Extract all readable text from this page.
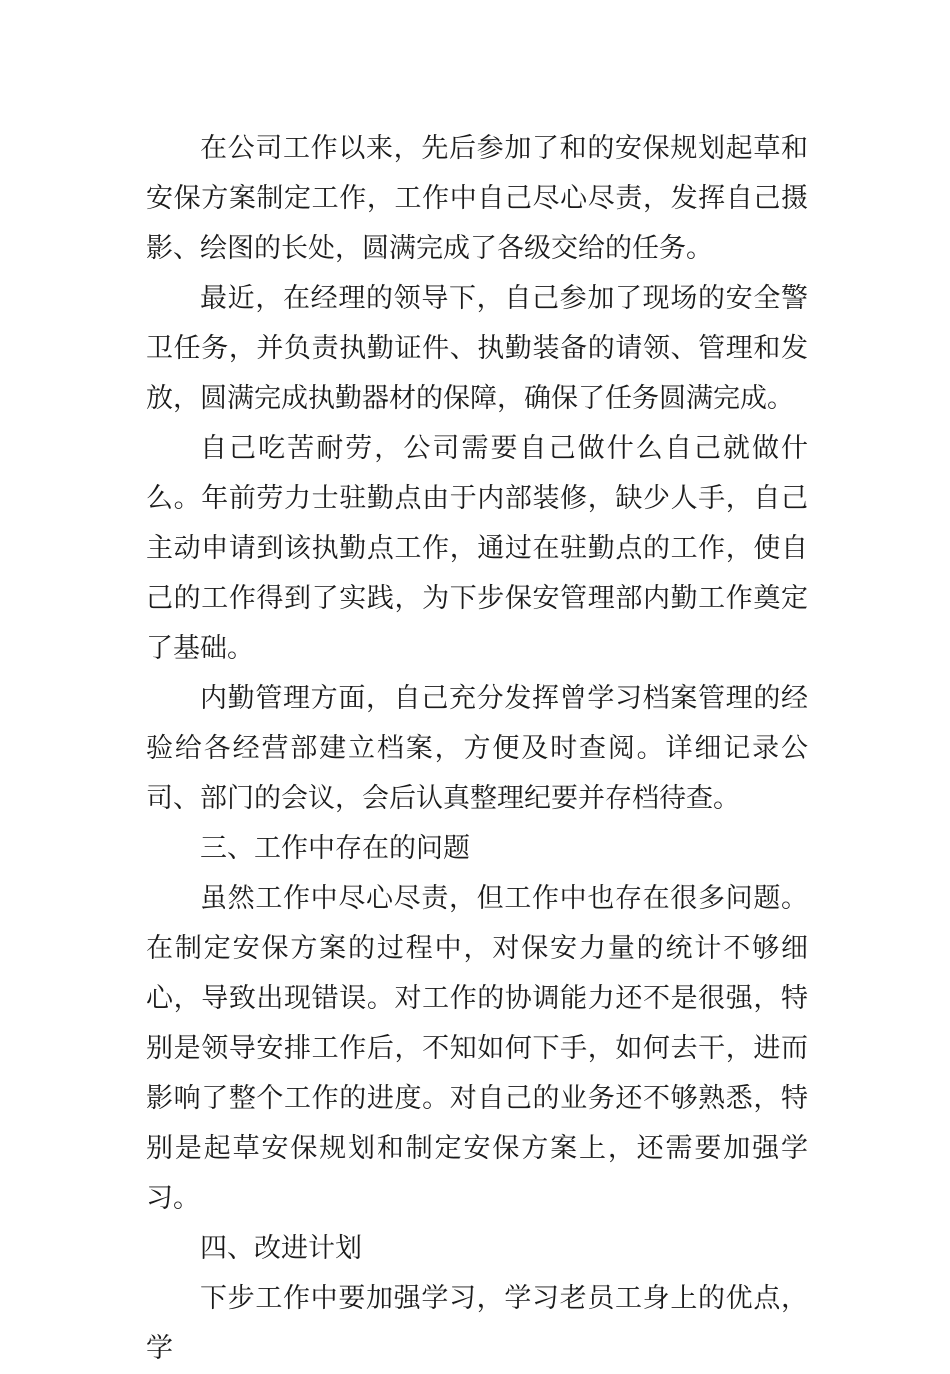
在公司工作以来，先后参加了和的安保规划起草和安保方案制定工作，工作中自己尽心尽责，发挥自己摄影、绘图的长处，圆满完成了各级交给的任务。

最近，在经理的领导下，自己参加了现场的安全警卫任务，并负责执勤证件、执勤装备的请领、管理和发放，圆满完成执勤器材的保障，确保了任务圆满完成。

自己吃苦耐劳，公司需要自己做什么自己就做什么。年前劳力士驻勤点由于内部装修，缺少人手，自己主动申请到该执勤点工作，通过在驻勤点的工作，使自己的工作得到了实践，为下步保安管理部内勤工作奠定了基础。

内勤管理方面，自己充分发挥曾学习档案管理的经验给各经营部建立档案，方便及时查阅。详细记录公司、部门的会议，会后认真整理纪要并存档待查。

三、工作中存在的问题

虽然工作中尽心尽责，但工作中也存在很多问题。在制定安保方案的过程中，对保安力量的统计不够细心，导致出现错误。对工作的协调能力还不是很强，特别是领导安排工作后，不知如何下手，如何去干，进而影响了整个工作的进度。对自己的业务还不够熟悉，特别是起草安保规划和制定安保方案上，还需要加强学习。

四、改进计划

下步工作中要加强学习，学习老员工身上的优点，学
